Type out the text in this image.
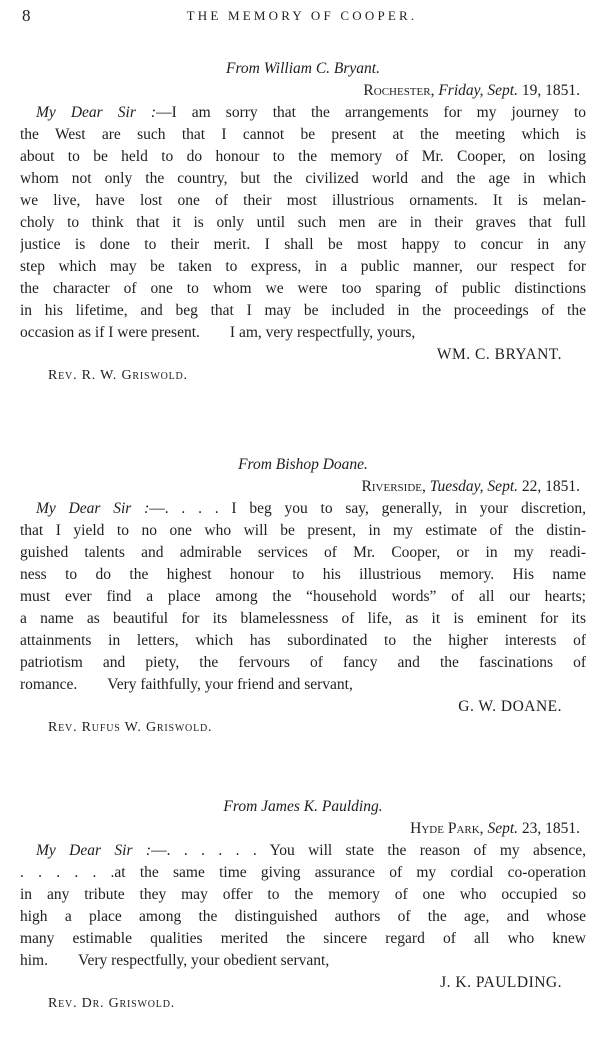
8	THE MEMORY OF COOPER.
From William C. Bryant.
Rochester, Friday, Sept. 19, 1851.
My Dear Sir :—I am sorry that the arrangements for my journey to
the West are such that I cannot be present at the meeting which is
about to be held to do honour to the memory of Mr. Cooper, on losing
whom not only the country, but the civilized world and the age in which
we live, have lost one of their most illustrious ornaments. It is melan-
choly to think that it is only until such men are in their graves that full
justice is done to their merit. I shall be most happy to concur in any
step which may be taken to express, in a public manner, our respect for
the character of one to whom we were too sparing of public distinctions
in his lifetime, and beg that I may be included in the proceedings of the
occasion as if I were present. I am, very respectfully, yours,
WM. C. BRYANT.
Rev. R. W. Griswold.
From Bishop Doane.
Riverside, Tuesday, Sept. 22, 1851.
My Dear Sir :—. . . . I beg you to say, generally, in your discretion,
that I yield to no one who will be present, in my estimate of the distin-
guished talents and admirable services of Mr. Cooper, or in my readi-
ness to do the highest honour to his illustrious memory. His name
must ever find a place among the “household words” of all our hearts;
a name as beautiful for its blamelessness of life, as it is eminent for its
attainments in letters, which has subordinated to the higher interests of
patriotism and piety, the fervours of fancy and the fascinations of
romance. Very faithfully, your friend and servant,
G. W. DOANE.
Rev. Rufus W. Griswold.
From James K. Paulding.
Hyde Park, Sept. 23, 1851.
My Dear Sir :—. . . . . . You will state the reason of my absence,
. . . . . .at the same time giving assurance of my cordial co-operation
in any tribute they may offer to the memory of one who occupied so
high a place among the distinguished authors of the age, and whose
many estimable qualities merited the sincere regard of all who knew
him. Very respectfully, your obedient servant,
J. K. PAULDING.
Rev. Dr. Griswold.
